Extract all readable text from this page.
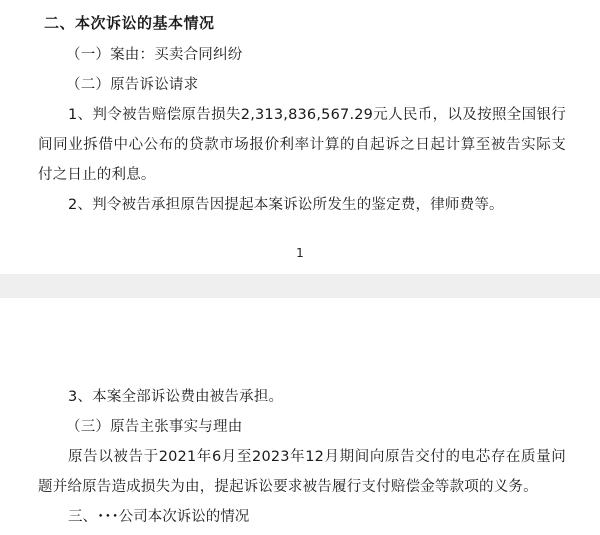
二、本次诉讼的基本情况
（一）案由：买卖合同纠纷
（二）原告诉讼请求
1、判令被告赔偿原告损失2,313,836,567.29元人民币，以及按照全国银行间同业拆借中心公布的贷款市场报价利率计算的自起诉之日起计算至被告实际支付之日止的利息。
2、判令被告承担原告因提起本案诉讼所发生的鉴定费，律师费等。
1
3、本案全部诉讼费由被告承担。
（三）原告主张事实与理由
原告以被告于2021年6月至2023年12月期间向原告交付的电芯存在质量问题并给原告造成损失为由，提起诉讼要求被告履行支付赔偿金等款项的义务。
三、･･･公司本次诉讼的情况
